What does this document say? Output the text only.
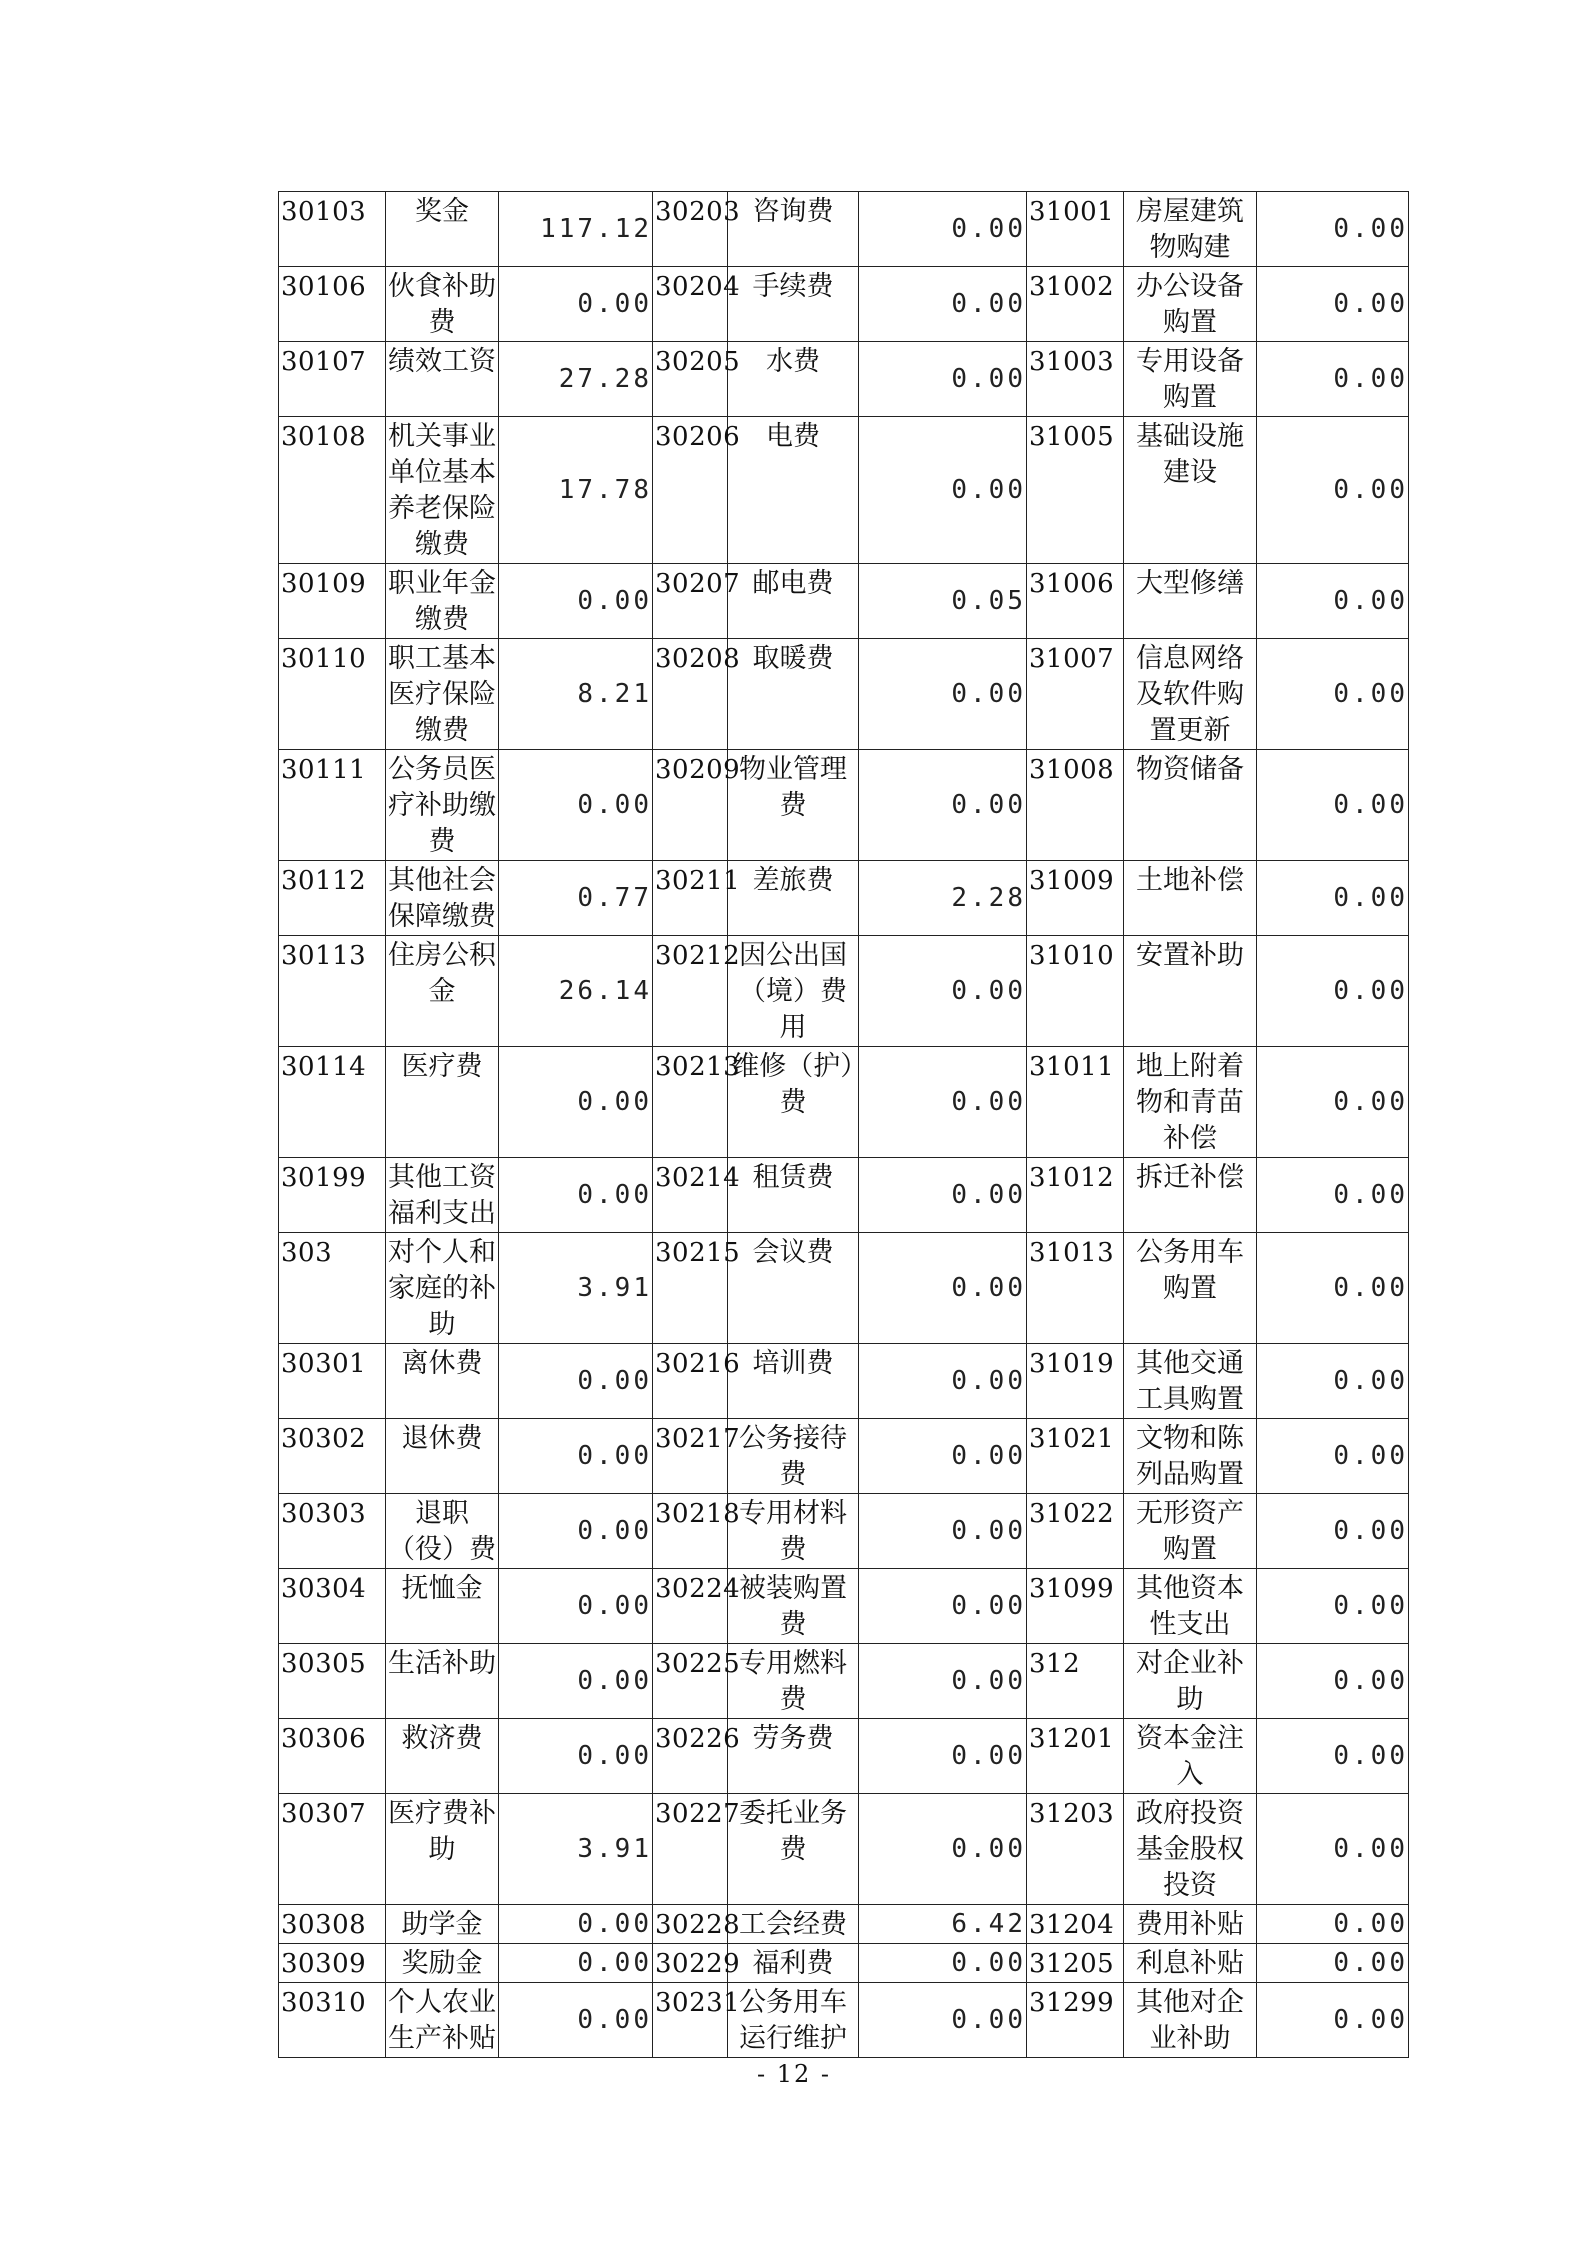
30103	奖金	117.12	30203	咨询费	0.00	31001	房屋建筑物购建	0.00
30106	伙食补助费	0.00	30204	手续费	0.00	31002	办公设备购置	0.00
30107	绩效工资	27.28	30205	水费	0.00	31003	专用设备购置	0.00
30108	机关事业单位基本养老保险缴费	17.78	30206	电费	0.00	31005	基础设施建设	0.00
30109	职业年金缴费	0.00	30207	邮电费	0.05	31006	大型修缮	0.00
30110	职工基本医疗保险缴费	8.21	30208	取暖费	0.00	31007	信息网络及软件购置更新	0.00
30111	公务员医疗补助缴费	0.00	30209	物业管理费	0.00	31008	物资储备	0.00
30112	其他社会保障缴费	0.77	30211	差旅费	2.28	31009	土地补偿	0.00
30113	住房公积金	26.14	30212	因公出国（境）费用	0.00	31010	安置补助	0.00
30114	医疗费	0.00	30213	维修（护）费	0.00	31011	地上附着物和青苗补偿	0.00
30199	其他工资福利支出	0.00	30214	租赁费	0.00	31012	拆迁补偿	0.00
303	对个人和家庭的补助	3.91	30215	会议费	0.00	31013	公务用车购置	0.00
30301	离休费	0.00	30216	培训费	0.00	31019	其他交通工具购置	0.00
30302	退休费	0.00	30217	公务接待费	0.00	31021	文物和陈列品购置	0.00
30303	退职（役）费	0.00	30218	专用材料费	0.00	31022	无形资产购置	0.00
30304	抚恤金	0.00	30224	被装购置费	0.00	31099	其他资本性支出	0.00
30305	生活补助	0.00	30225	专用燃料费	0.00	312	对企业补助	0.00
30306	救济费	0.00	30226	劳务费	0.00	31201	资本金注入	0.00
30307	医疗费补助	3.91	30227	委托业务费	0.00	31203	政府投资基金股权投资	0.00
30308	助学金	0.00	30228	工会经费	6.42	31204	费用补贴	0.00
30309	奖励金	0.00	30229	福利费	0.00	31205	利息补贴	0.00
30310	个人农业生产补贴	0.00	30231	公务用车运行维护	0.00	31299	其他对企业补助	0.00
- 12 -
